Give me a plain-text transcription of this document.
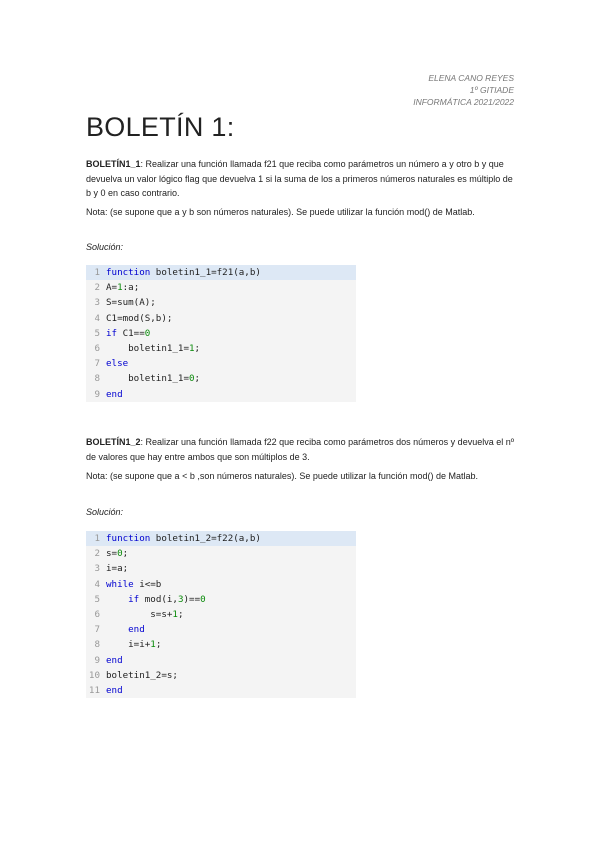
ELENA CANO REYES
1º GITIADE
INFORMÁTICA 2021/2022
BOLETÍN 1:
BOLETÍN1_1: Realizar una función llamada f21 que reciba como parámetros un número a y otro b y que devuelva un valor lógico flag que devuelva 1 si la suma de los a primeros números naturales es múltiplo de b y 0 en caso contrario.
Nota: (se supone que a y b son números naturales). Se puede utilizar la función mod() de Matlab.
Solución:
1 function boletin1_1=f21(a,b)
2 A=1:a;
3 S=sum(A);
4 C1=mod(S,b);
5 if C1==0
6 boletin1_1=1;
7 else
8 boletin1_1=0;
9 end
BOLETÍN1_2: Realizar una función llamada f22 que reciba como parámetros dos números y devuelva el nº de valores que hay entre ambos que son múltiplos de 3.
Nota: (se supone que a < b ,son números naturales). Se puede utilizar la función mod() de Matlab.
Solución:
1 function boletin1_2=f22(a,b)
2 s=0;
3 i=a;
4 while i<=b
5	if mod(i,3)==0
6 s=s+1;
7	end
8 i=i+1;
9 end
10 boletin1_2=s;
11 end
